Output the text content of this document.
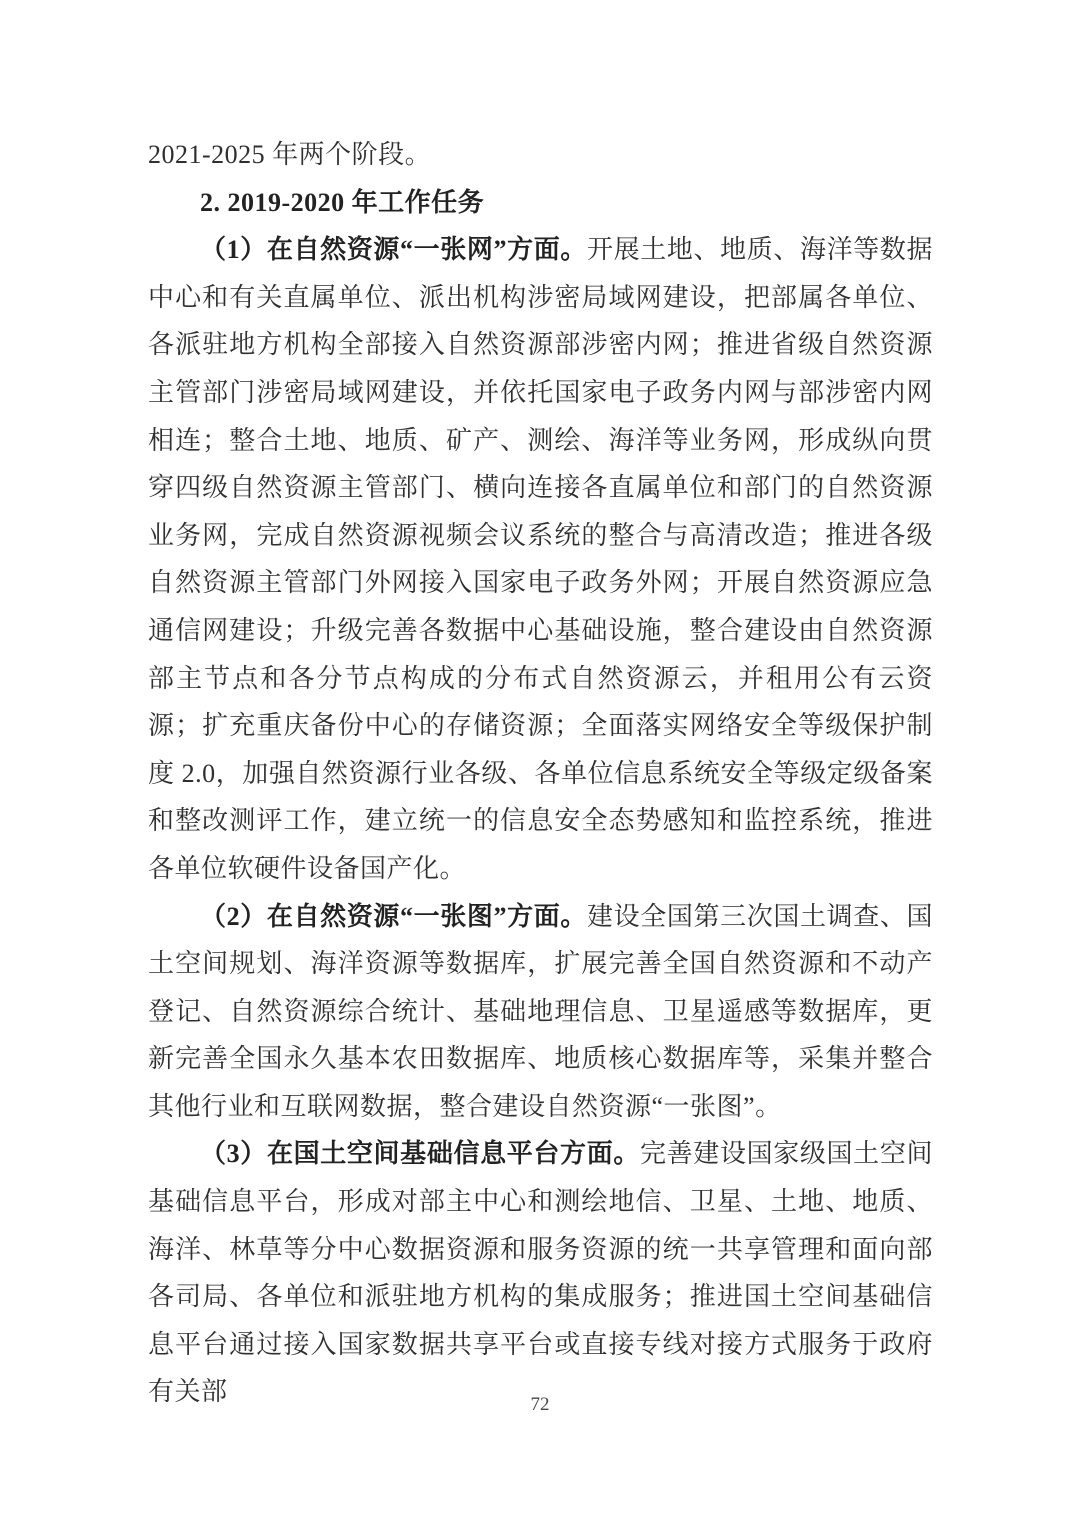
2021-2025 年两个阶段。

2. 2019-2020 年工作任务

（1）在自然资源“一张网”方面。开展土地、地质、海洋等数据中心和有关直属单位、派出机构涉密局域网建设，把部属各单位、各派驻地方机构全部接入自然资源部涉密内网；推进省级自然资源主管部门涉密局域网建设，并依托国家电子政务内网与部涉密内网相连；整合土地、地质、矿产、测绘、海洋等业务网，形成纵向贯穿四级自然资源主管部门、横向连接各直属单位和部门的自然资源业务网，完成自然资源视频会议系统的整合与高清改造；推进各级自然资源主管部门外网接入国家电子政务外网；开展自然资源应急通信网建设；升级完善各数据中心基础设施，整合建设由自然资源部主节点和各分节点构成的分布式自然资源云，并租用公有云资源；扩充重庆备份中心的存储资源；全面落实网络安全等级保护制度 2.0，加强自然资源行业各级、各单位信息系统安全等级定级备案和整改测评工作，建立统一的信息安全态势感知和监控系统，推进各单位软硬件设备国产化。

（2）在自然资源“一张图”方面。建设全国第三次国土调查、国土空间规划、海洋资源等数据库，扩展完善全国自然资源和不动产登记、自然资源综合统计、基础地理信息、卫星遥感等数据库，更新完善全国永久基本农田数据库、地质核心数据库等，采集并整合其他行业和互联网数据，整合建设自然资源“一张图”。

（3）在国土空间基础信息平台方面。完善建设国家级国土空间基础信息平台，形成对部主中心和测绘地信、卫星、土地、地质、海洋、林草等分中心数据资源和服务资源的统一共享管理和面向部各司局、各单位和派驻地方机构的集成服务；推进国土空间基础信息平台通过接入国家数据共享平台或直接专线对接方式服务于政府有关部	72
